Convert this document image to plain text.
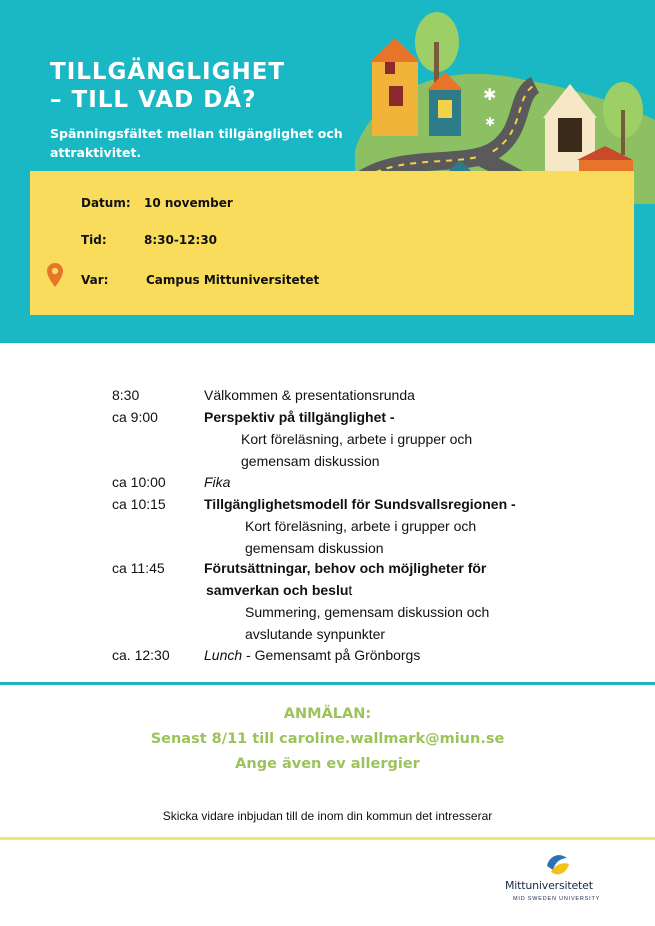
✱
✱
TILLGÄNGLIGHET
– TILL VAD DÅ?
Spänningsfältet mellan tillgänglighet och attraktivitet.
Datum: 10 november
Tid:	8:30-12:30
Var:	Campus Mittuniversitetet
8:30	Välkommen & presentationsrunda
ca 9:00	Perspektiv på tillgänglighet -
Kort föreläsning, arbete i grupper och
gemensam diskussion
ca 10:00	Fika
ca 10:15	Tillgänglighetsmodell för Sundsvallsregionen -
Kort föreläsning, arbete i grupper och
gemensam diskussion
ca 11:45	Förutsättningar, behov och möjligheter för
samverkan och beslut
Summering, gemensam diskussion och
avslutande synpunkter
ca. 12:30 Lunch - Gemensamt på Grönborgs
ANMÄLAN:
Senast 8/11 till caroline.wallmark@miun.se
Ange även ev allergier
Skicka vidare inbjudan till de inom din kommun det intresserar
Mittuniversitetet
MID SWEDEN UNIVERSITY
